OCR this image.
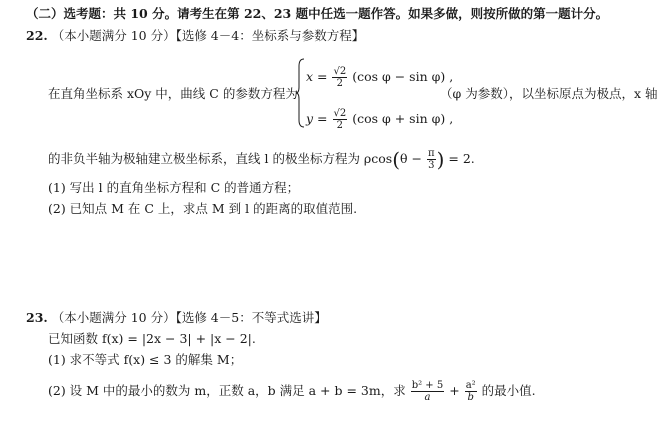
（二）选考题：共 10 分。请考生在第 22、23 题中任选一题作答。如果多做，则按所做的第一题计分。
22. （本小题满分 10 分）【选修 4－4：坐标系与参数方程】
在直角坐标系 xOy 中，曲线 C 的参数方程为
$x = \frac{√2}{2} (\cos$ φ − sin φ) ,
$y = \frac{√2}{2} (\cos$ φ + sin φ) ,
（φ 为参数），以坐标原点为极点，x 轴
的非负半轴为极轴建立极坐标系，直线 l 的极坐标方程为 $\rho\cos(\theta - \frac{\pi}{3}$ ) = 2.
(1) 写出 l 的直角坐标方程和 C 的普通方程；
(2) 已知点 M 在 C 上，求点 M 到 l 的距离的取值范围.
23. （本小题满分 10 分）【选修 4－5：不等式选讲】
已知函数 f(x) = |2x − 3| + |x − 2|.
(1) 求不等式 f(x) ≤ 3 的解集 M；
(2) 设 M 中的最小的数为 m，正数 a，b 满足 a + b = 3m，求 $\frac{\text{b² + 5}}{a} + \frac{\text{a²}}{b}$ 的最小值.
